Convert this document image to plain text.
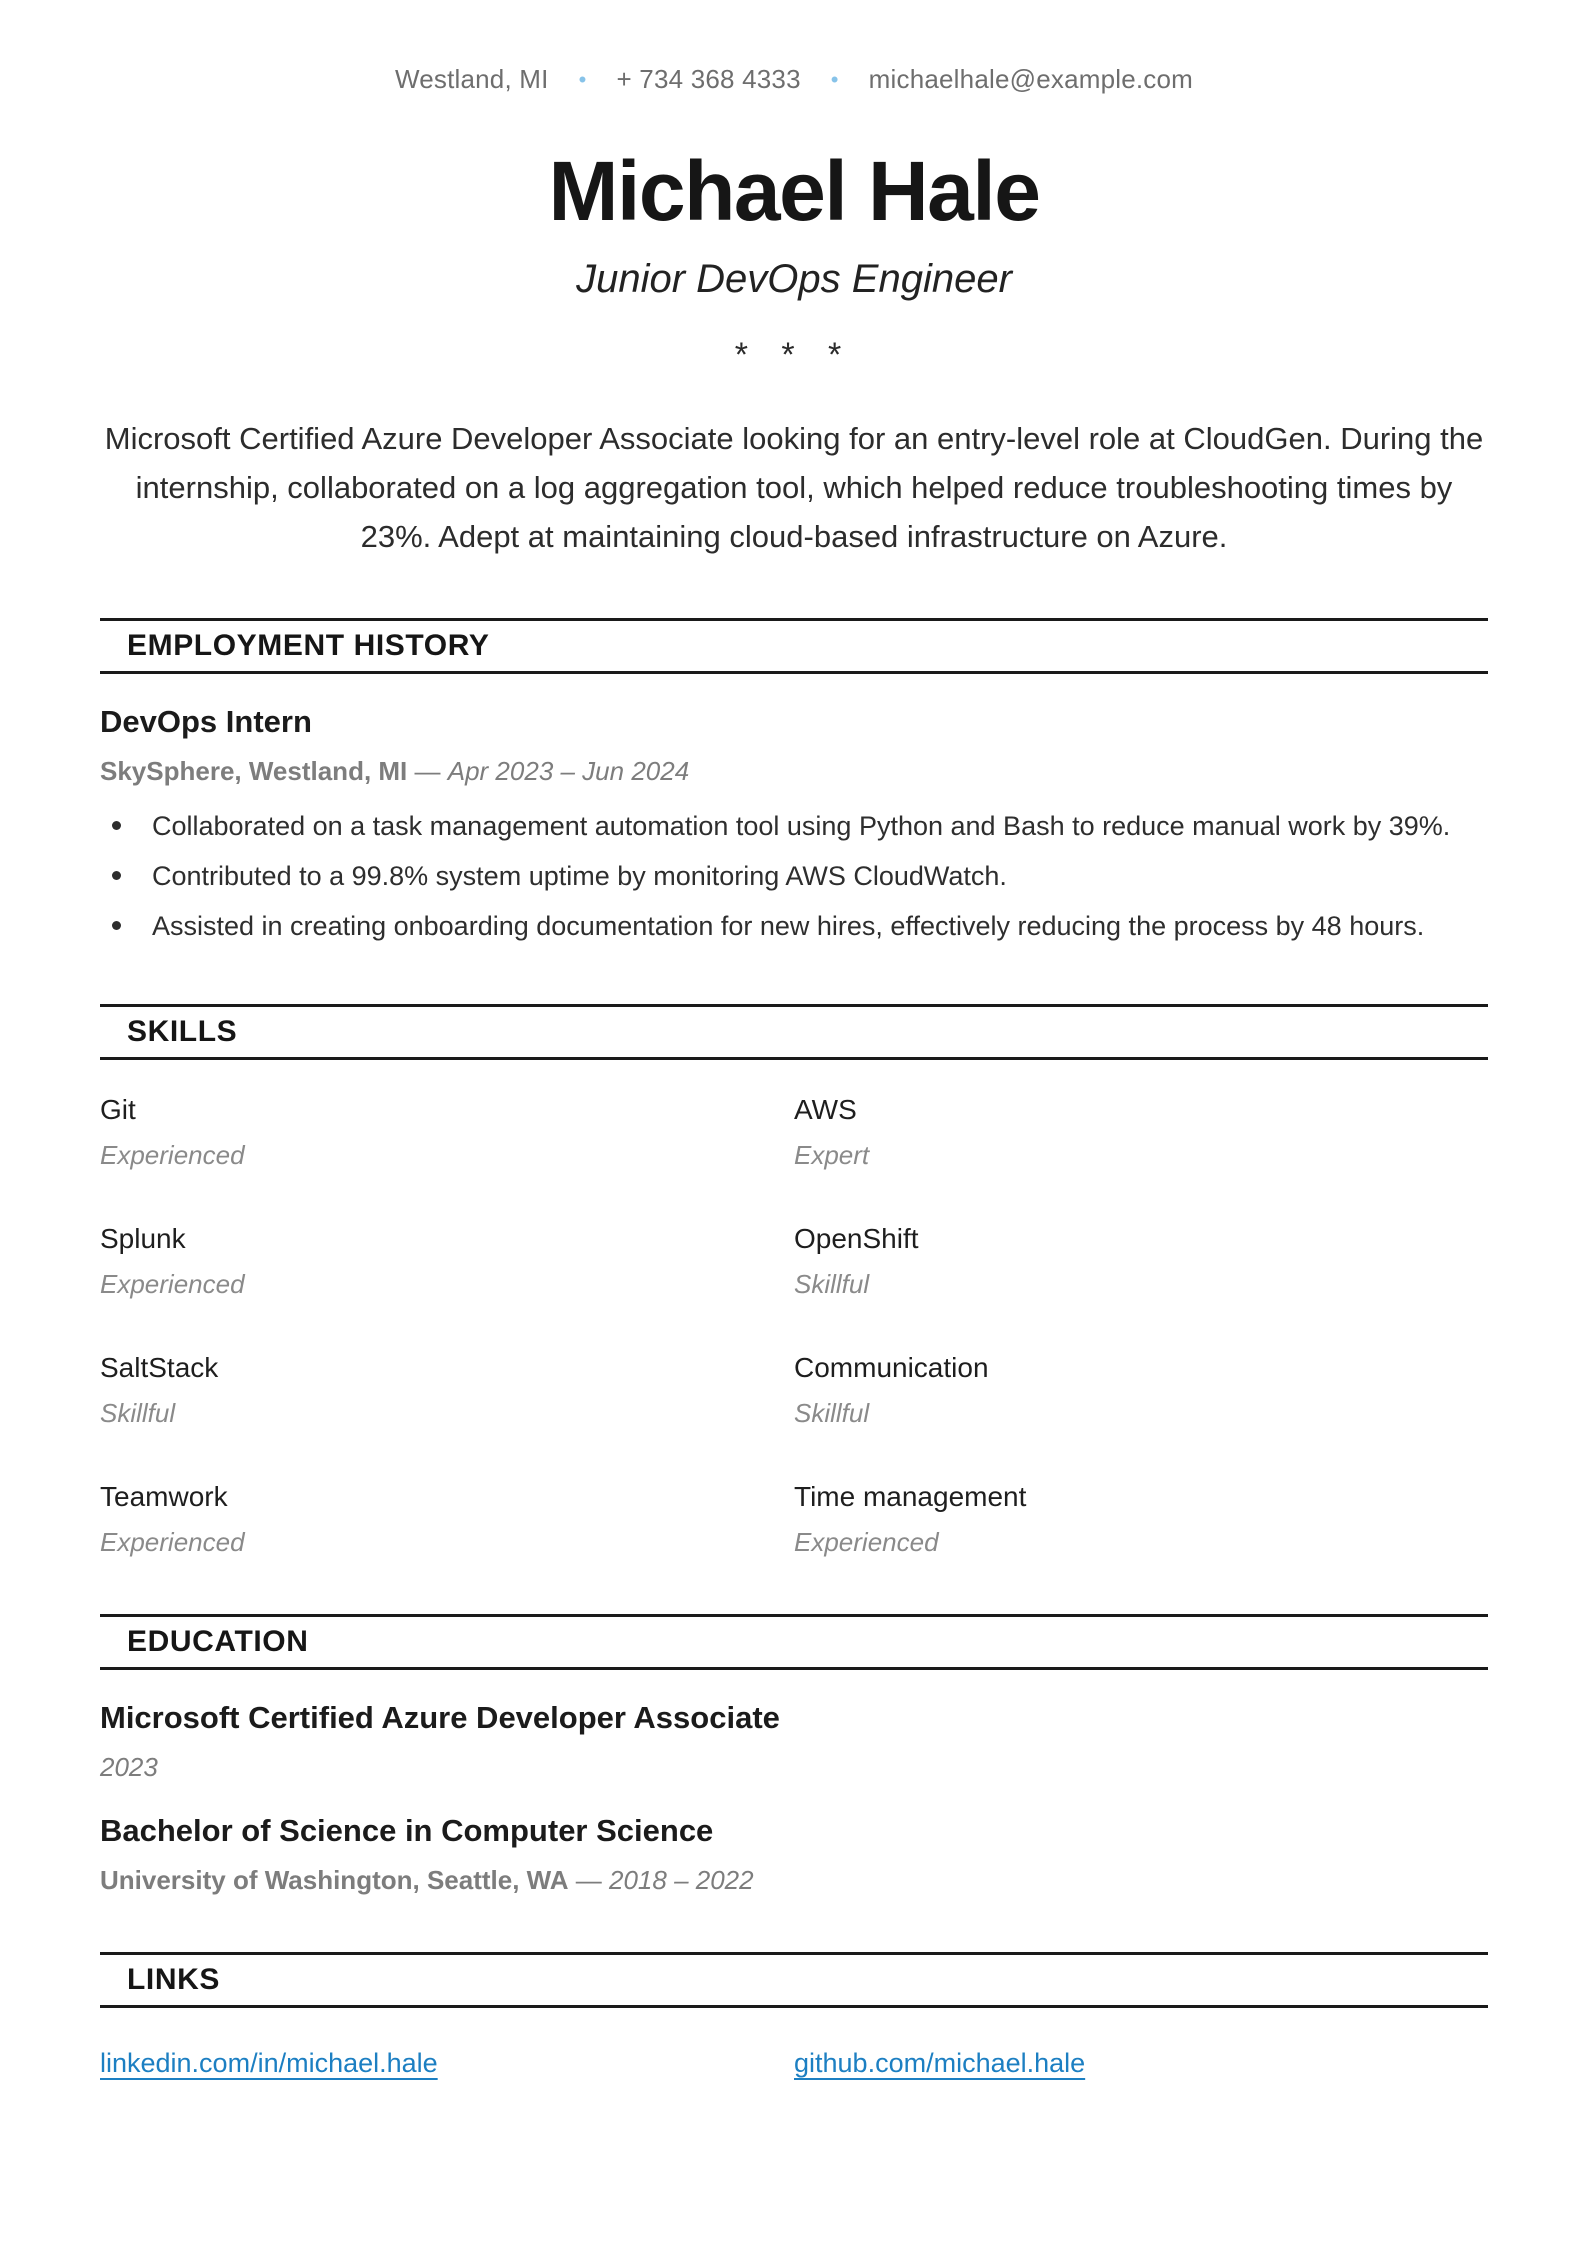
Westland, MI • + 734 368 4333 • michaelhale@example.com
Michael Hale
Junior DevOps Engineer
* * *

Microsoft Certified Azure Developer Associate looking for an entry-level role at CloudGen. During the internship, collaborated on a log aggregation tool, which helped reduce troubleshooting times by 23%. Adept at maintaining cloud-based infrastructure on Azure.

EMPLOYMENT HISTORY
DevOps Intern
SkySphere, Westland, MI — Apr 2023 – Jun 2024
Collaborated on a task management automation tool using Python and Bash to reduce manual work by 39%.
Contributed to a 99.8% system uptime by monitoring AWS CloudWatch.
Assisted in creating onboarding documentation for new hires, effectively reducing the process by 48 hours.
SKILLS
Git
Experienced
AWS
Expert
Splunk
Experienced
OpenShift
Skillful
SaltStack
Skillful
Communication
Skillful
Teamwork
Experienced
Time management
Experienced
EDUCATION
Microsoft Certified Azure Developer Associate
2023
Bachelor of Science in Computer Science
University of Washington, Seattle, WA — 2018 – 2022
LINKS
linkedin.com/in/michael.hale	github.com/michael.hale
